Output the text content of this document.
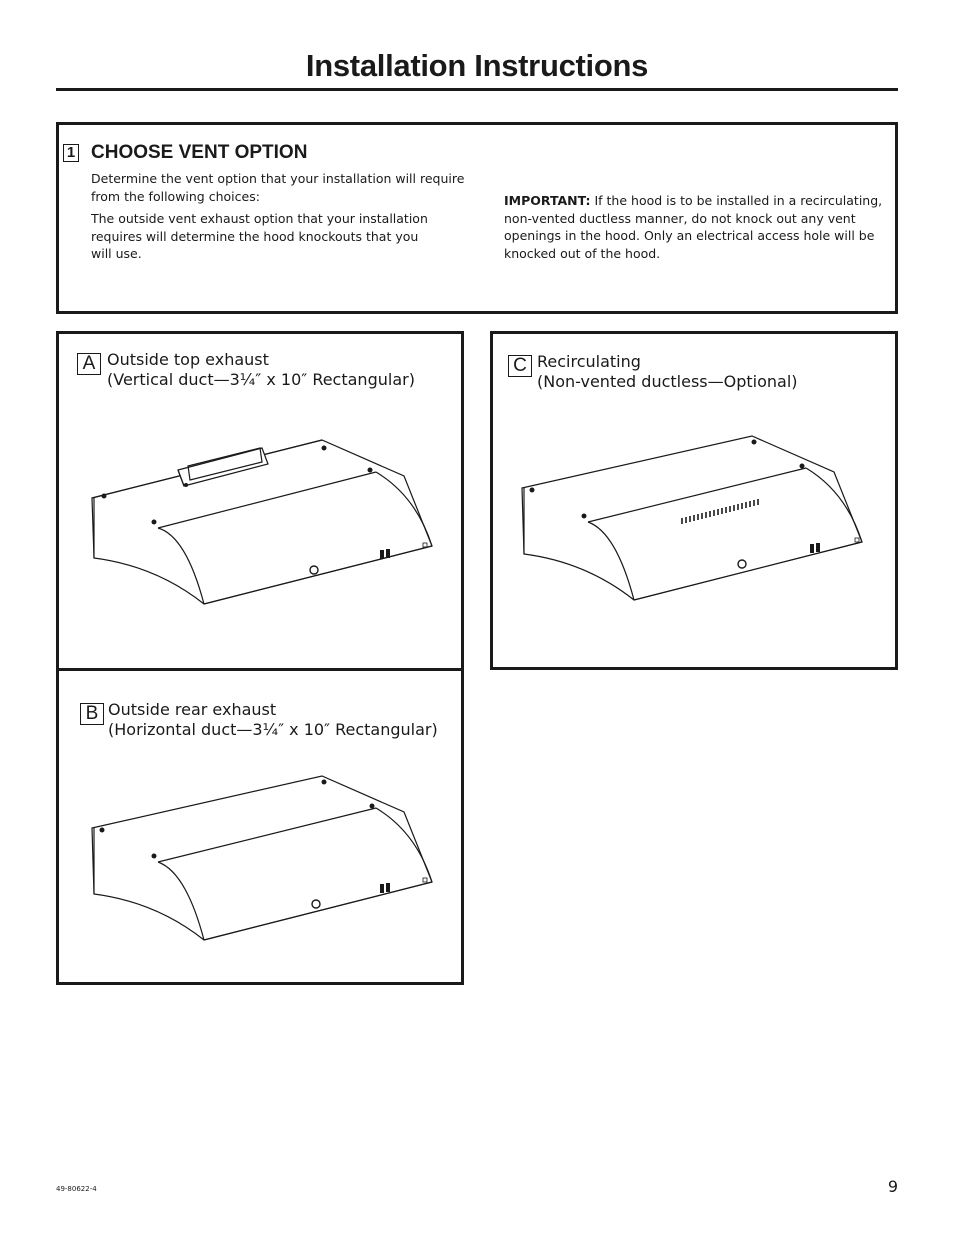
Installation Instructions
1 CHOOSE VENT OPTION
Determine the vent option that your installation will require from the following choices:
The outside vent exhaust option that your installation requires will determine the hood knockouts that you will use.
IMPORTANT: If the hood is to be installed in a recirculating, non-vented ductless manner, do not knock out any vent openings in the hood. Only an electrical access hole will be knocked out of the hood.
A Outside top exhaust
(Vertical duct—3¼″ x 10″ Rectangular)
B Outside rear exhaust
(Horizontal duct—3¼″ x 10″ Rectangular)
C Recirculating
(Non-vented ductless—Optional)
49-80622-4	9
